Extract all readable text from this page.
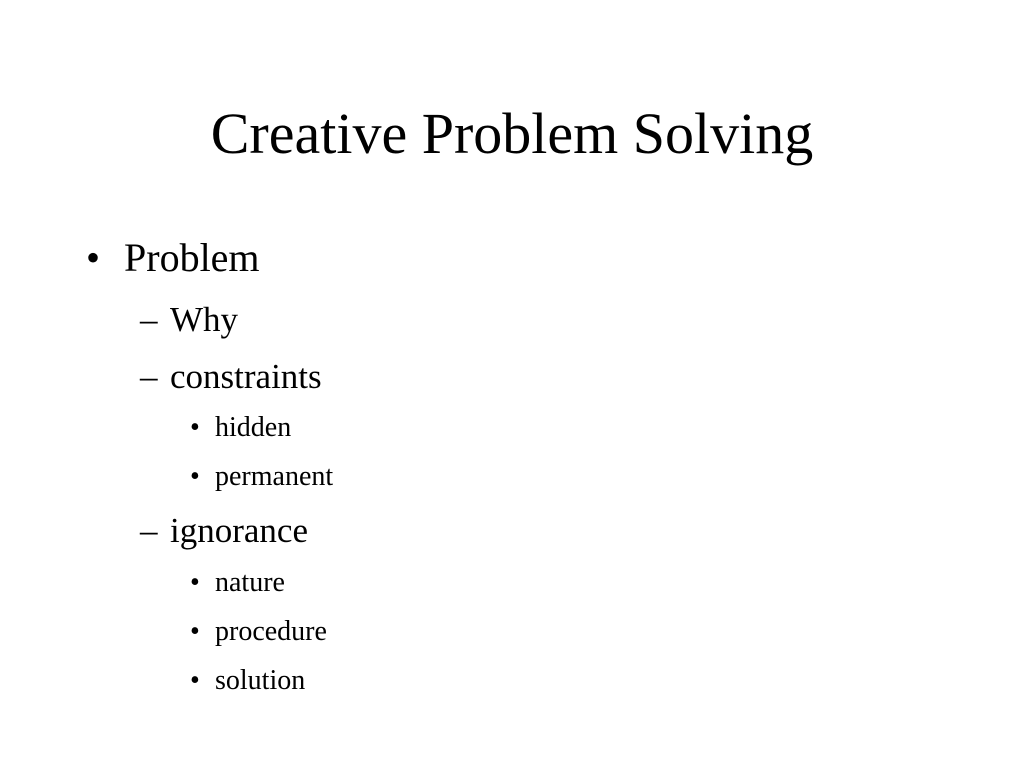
Creative Problem Solving
• Problem
– Why
– constraints
• hidden
• permanent
– ignorance
• nature
• procedure
• solution
